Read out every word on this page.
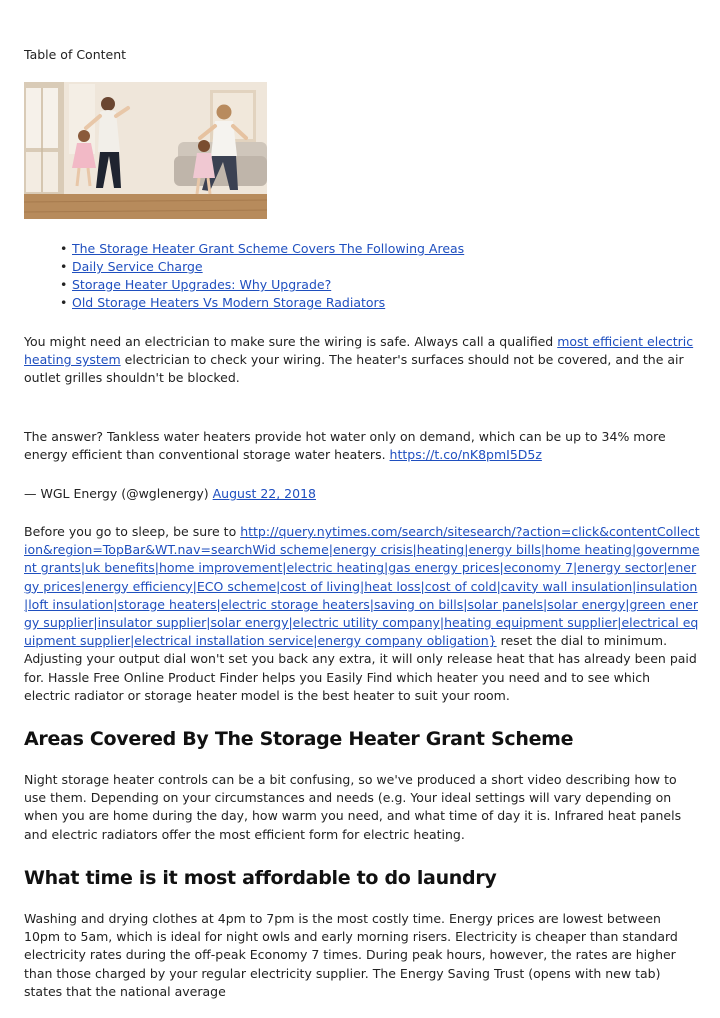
Table of Content

• The Storage Heater Grant Scheme Covers The Following Areas
• Daily Service Charge
• Storage Heater Upgrades: Why Upgrade?
• Old Storage Heaters Vs Modern Storage Radiators

You might need an electrician to make sure the wiring is safe. Always call a qualified most efficient electric heating system electrician to check your wiring. The heater's surfaces should not be covered, and the air outlet grilles shouldn't be blocked.

The answer? Tankless water heaters provide hot water only on demand, which can be up to 34% more energy efficient than conventional storage water heaters. https://t.co/nK8pmI5D5z

— WGL Energy (@wglenergy) August 22, 2018

Before you go to sleep, be sure to http://query.nytimes.com/search/sitesearch/?action=click&contentCollection&region=TopBar&WT.nav=searchWid scheme|energy crisis|heating|energy bills|home heating|government grants|uk benefits|home improvement|electric heating|gas energy prices|economy 7|energy sector|energy prices|energy efficiency|ECO scheme|cost of living|heat loss|cost of cold|cavity wall insulation|insulation|loft insulation|storage heaters|electric storage heaters|saving on bills|solar panels|solar energy|green energy supplier|insulator supplier|solar energy|electric utility company|heating equipment supplier|electrical equipment supplier|electrical installation service|energy company obligation} reset the dial to minimum. Adjusting your output dial won't set you back any extra, it will only release heat that has already been paid for. Hassle Free Online Product Finder helps you Easily Find which heater you need and to see which electric radiator or storage heater model is the best heater to suit your room.

Areas Covered By The Storage Heater Grant Scheme

Night storage heater controls can be a bit confusing, so we've produced a short video describing how to use them. Depending on your circumstances and needs (e.g. Your ideal settings will vary depending on when you are home during the day, how warm you need, and what time of day it is. Infrared heat panels and electric radiators offer the most efficient form for electric heating.

What time is it most affordable to do laundry

Washing and drying clothes at 4pm to 7pm is the most costly time. Energy prices are lowest between 10pm to 5am, which is ideal for night owls and early morning risers. Electricity is cheaper than standard electricity rates during the off-peak Economy 7 times. During peak hours, however, the rates are higher than those charged by your regular electricity supplier. The Energy Saving Trust (opens with new tab) states that the national average
